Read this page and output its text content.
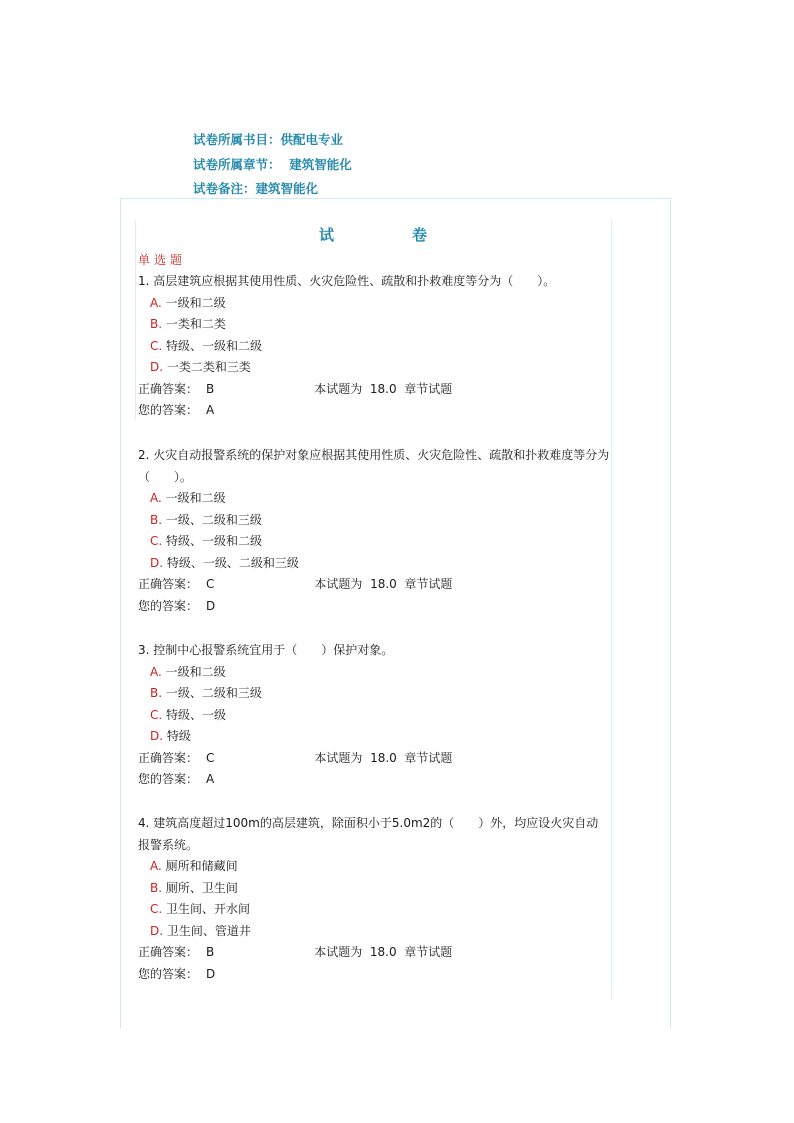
试卷所属书目：供配电专业
试卷所属章节： 建筑智能化
试卷备注：建筑智能化
试	卷
单选题
1. 高层建筑应根据其使用性质、火灾危险性、疏散和扑救难度等分为（　　）。
A. 一级和二级
B. 一类和二类
C. 特级、一级和二级
D. 一类二类和三类
正确答案： B	本试题为 18.0 章节试题
您的答案： A
2. 火灾自动报警系统的保护对象应根据其使用性质、火灾危险性、疏散和扑救难度等分为（　　）。
A. 一级和二级
B. 一级、二级和三级
C. 特级、一级和二级
D. 特级、一级、二级和三级
正确答案： C	本试题为 18.0 章节试题
您的答案： D
3. 控制中心报警系统宜用于（　　）保护对象。
A. 一级和二级
B. 一级、二级和三级
C. 特级、一级
D. 特级
正确答案： C	本试题为 18.0 章节试题
您的答案： A
4. 建筑高度超过100m的高层建筑，除面积小于5.0m2的（　　）外，均应设火灾自动报警系统。
A. 厕所和储藏间
B. 厕所、卫生间
C. 卫生间、开水间
D. 卫生间、管道井
正确答案： B	本试题为 18.0 章节试题
您的答案： D
